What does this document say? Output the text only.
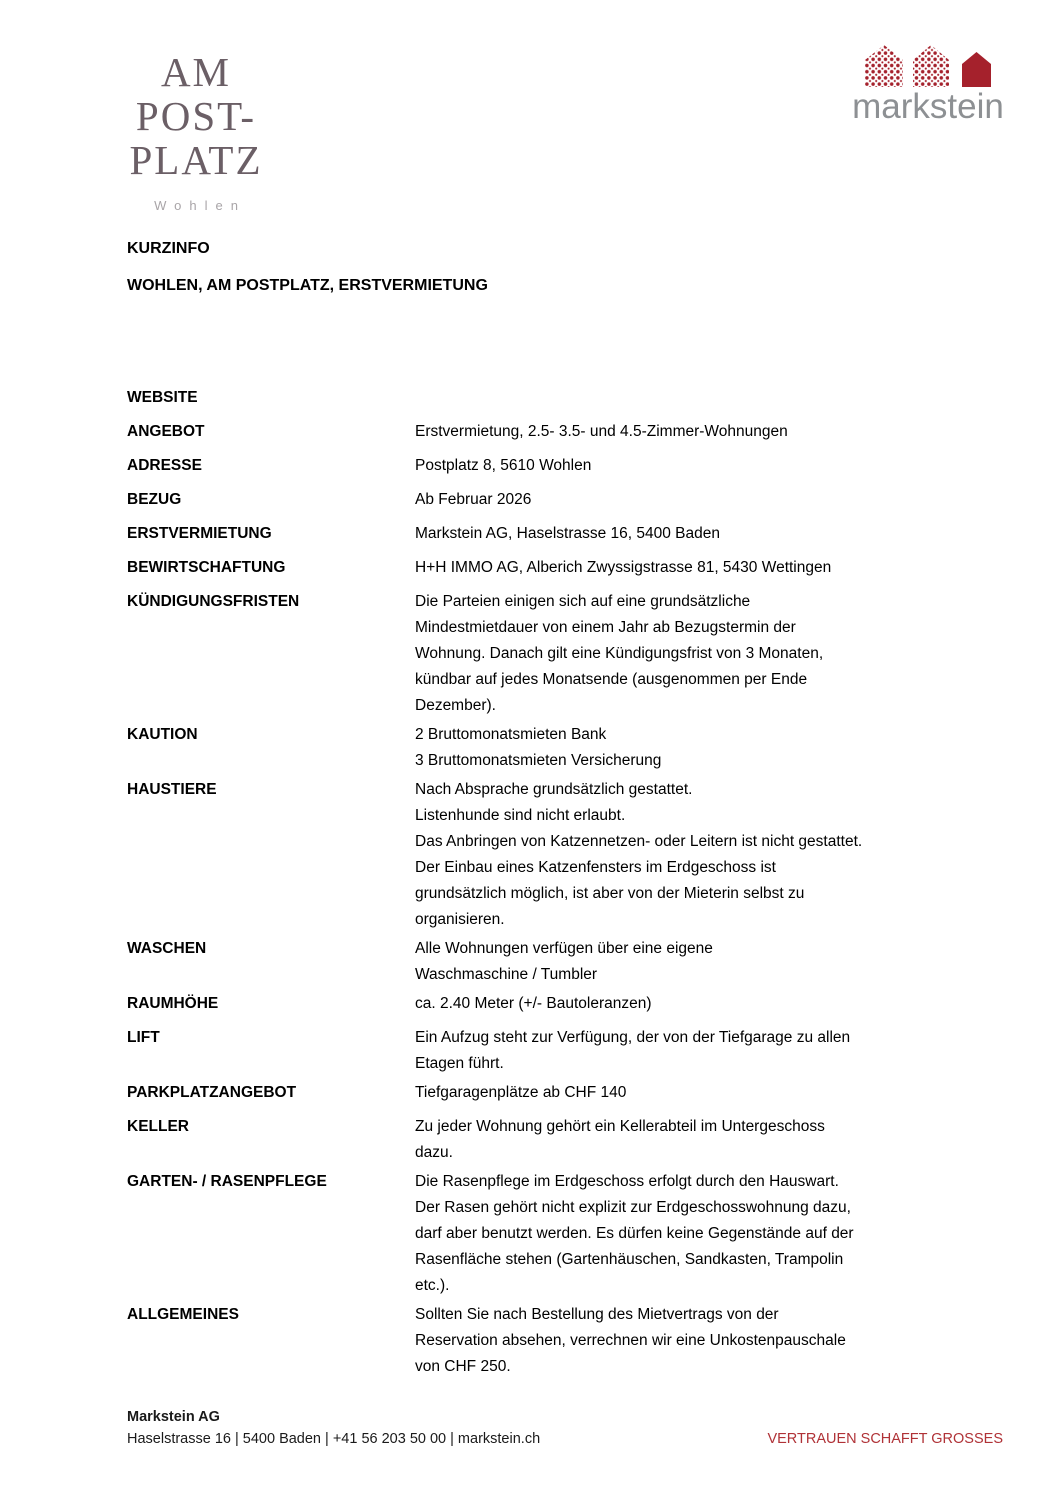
AM POST-
PLATZ
Wohlen
markstein
KURZINFO
WOHLEN, AM POSTPLATZ, ERSTVERMIETUNG
WEBSITE
ANGEBOT	Erstvermietung, 2.5- 3.5- und 4.5-Zimmer-Wohnungen
ADRESSE	Postplatz 8, 5610 Wohlen
BEZUG	Ab Februar 2026
ERSTVERMIETUNG	Markstein AG, Haselstrasse 16, 5400 Baden
BEWIRTSCHAFTUNG	H+H IMMO AG, Alberich Zwyssigstrasse 81, 5430 Wettingen
KÜNDIGUNGSFRISTEN	Die Parteien einigen sich auf eine grundsätzliche
Mindestmietdauer von einem Jahr ab Bezugstermin der
Wohnung. Danach gilt eine Kündigungsfrist von 3 Monaten,
kündbar auf jedes Monatsende (ausgenommen per Ende
Dezember).
KAUTION	2 Bruttomonatsmieten Bank
3 Bruttomonatsmieten Versicherung
HAUSTIERE	Nach Absprache grundsätzlich gestattet.
Listenhunde sind nicht erlaubt.
Das Anbringen von Katzennetzen- oder Leitern ist nicht gestattet.
Der Einbau eines Katzenfensters im Erdgeschoss ist
grundsätzlich möglich, ist aber von der Mieterin selbst zu
organisieren.
WASCHEN	Alle Wohnungen verfügen über eine eigene
Waschmaschine / Tumbler
RAUMHÖHE	ca. 2.40 Meter (+/- Bautoleranzen)
LIFT	Ein Aufzug steht zur Verfügung, der von der Tiefgarage zu allen
Etagen führt.
PARKPLATZANGEBOT	Tiefgaragenplätze ab CHF 140
KELLER	Zu jeder Wohnung gehört ein Kellerabteil im Untergeschoss
dazu.
GARTEN- / RASENPFLEGE	Die Rasenpflege im Erdgeschoss erfolgt durch den Hauswart.
Der Rasen gehört nicht explizit zur Erdgeschosswohnung dazu,
darf aber benutzt werden. Es dürfen keine Gegenstände auf der
Rasenfläche stehen (Gartenhäuschen, Sandkasten, Trampolin
etc.).
ALLGEMEINES	Sollten Sie nach Bestellung des Mietvertrags von der
Reservation absehen, verrechnen wir eine Unkostenpauschale
von CHF 250.
Markstein AG
Haselstrasse 16 | 5400 Baden | +41 56 203 50 00 | markstein.ch	VERTRAUEN SCHAFFT GROSSES
